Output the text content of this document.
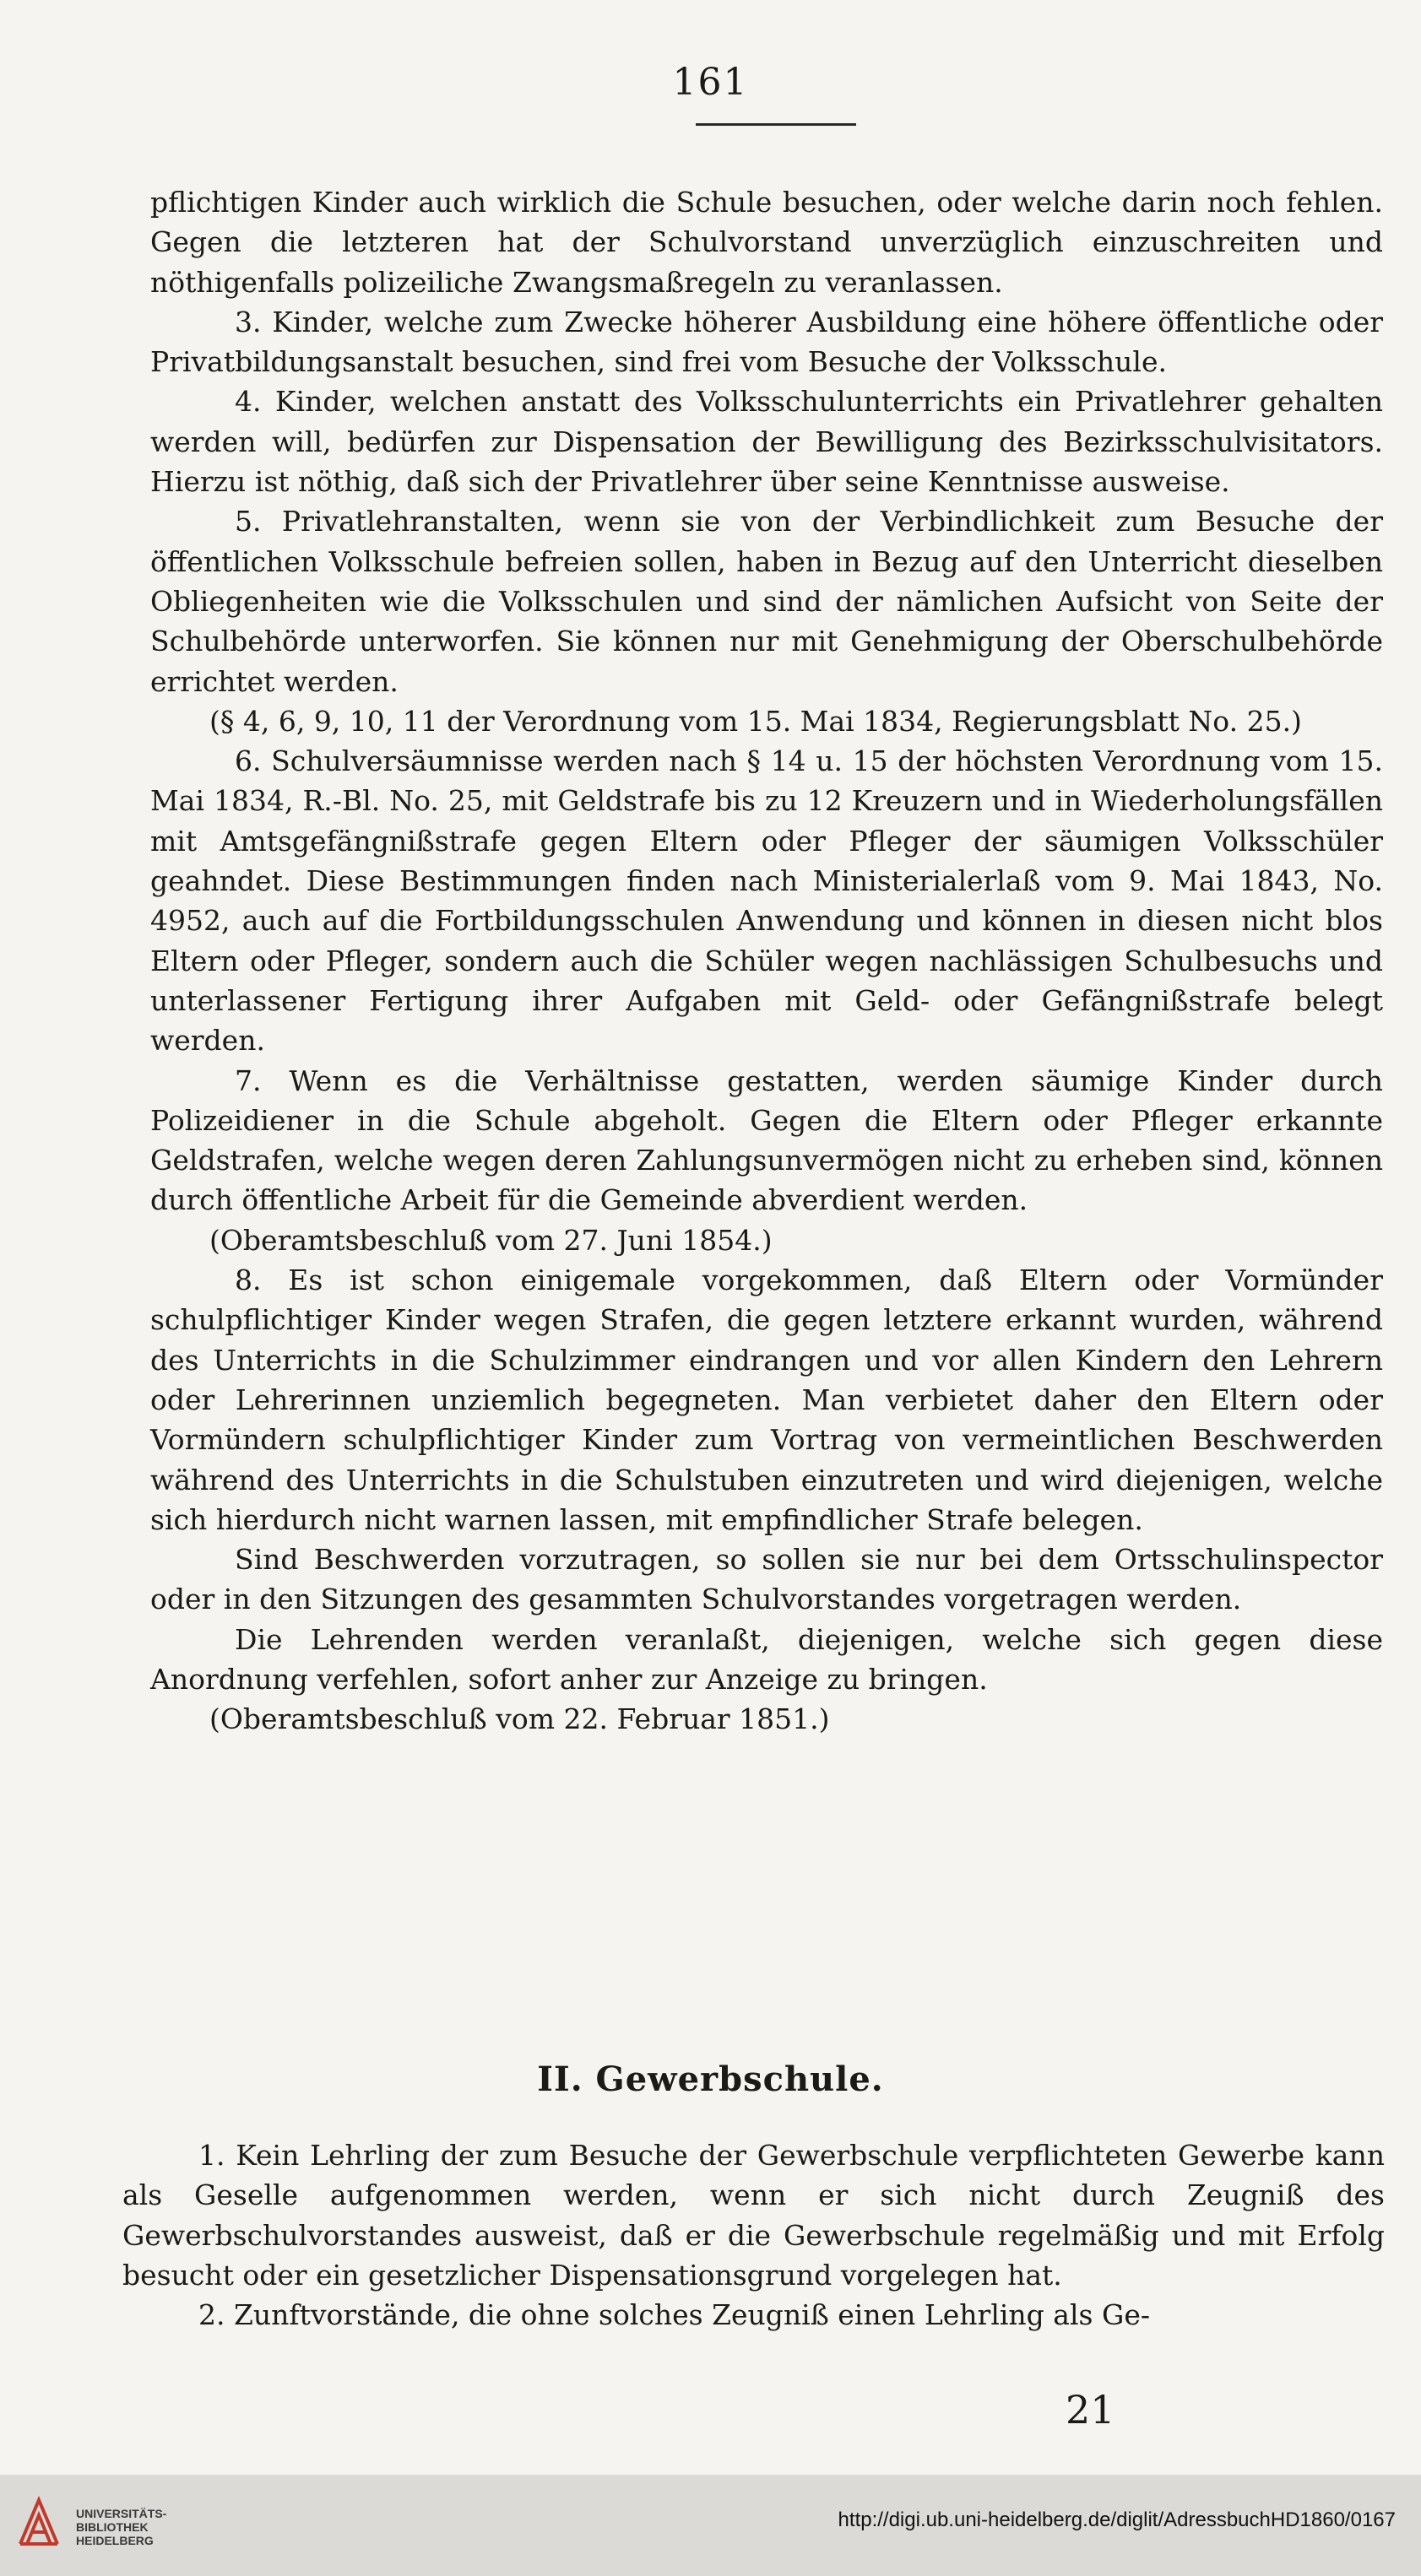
161

pflichtigen Kinder auch wirklich die Schule besuchen, oder welche darin noch fehlen. Gegen die letzteren hat der Schulvorstand unverzüglich einzuschreiten und nöthigenfalls polizeiliche Zwangsmaßregeln zu veranlassen.

3. Kinder, welche zum Zwecke höherer Ausbildung eine höhere öffentliche oder Privatbildungsanstalt besuchen, sind frei vom Besuche der Volksschule.

4. Kinder, welchen anstatt des Volksschulunterrichts ein Privatlehrer gehalten werden will, bedürfen zur Dispensation der Bewilligung des Bezirksschulvisitators. Hierzu ist nöthig, daß sich der Privatlehrer über seine Kenntnisse ausweise.

5. Privatlehranstalten, wenn sie von der Verbindlichkeit zum Besuche der öffentlichen Volksschule befreien sollen, haben in Bezug auf den Unterricht dieselben Obliegenheiten wie die Volksschulen und sind der nämlichen Aufsicht von Seite der Schulbehörde unterworfen. Sie können nur mit Genehmigung der Oberschulbehörde errichtet werden.

(§ 4, 6, 9, 10, 11 der Verordnung vom 15. Mai 1834, Regierungsblatt No. 25.)

6. Schulversäumnisse werden nach § 14 u. 15 der höchsten Verordnung vom 15. Mai 1834, R.-Bl. No. 25, mit Geldstrafe bis zu 12 Kreuzern und in Wiederholungsfällen mit Amtsgefängnißstrafe gegen Eltern oder Pfleger der säumigen Volksschüler geahndet. Diese Bestimmungen finden nach Ministerialerlaß vom 9. Mai 1843, No. 4952, auch auf die Fortbildungsschulen Anwendung und können in diesen nicht blos Eltern oder Pfleger, sondern auch die Schüler wegen nachlässigen Schulbesuchs und unterlassener Fertigung ihrer Aufgaben mit Geld- oder Gefängnißstrafe belegt werden.

7. Wenn es die Verhältnisse gestatten, werden säumige Kinder durch Polizeidiener in die Schule abgeholt. Gegen die Eltern oder Pfleger erkannte Geldstrafen, welche wegen deren Zahlungsunvermögen nicht zu erheben sind, können durch öffentliche Arbeit für die Gemeinde abverdient werden.

(Oberamtsbeschluß vom 27. Juni 1854.)

8. Es ist schon einigemale vorgekommen, daß Eltern oder Vormünder schulpflichtiger Kinder wegen Strafen, die gegen letztere erkannt wurden, während des Unterrichts in die Schulzimmer eindrangen und vor allen Kindern den Lehrern oder Lehrerinnen unziemlich begegneten. Man verbietet daher den Eltern oder Vormündern schulpflichtiger Kinder zum Vortrag von vermeintlichen Beschwerden während des Unterrichts in die Schulstuben einzutreten und wird diejenigen, welche sich hierdurch nicht warnen lassen, mit empfindlicher Strafe belegen.

Sind Beschwerden vorzutragen, so sollen sie nur bei dem Ortsschulinspector oder in den Sitzungen des gesammten Schulvorstandes vorgetragen werden.

Die Lehrenden werden veranlaßt, diejenigen, welche sich gegen diese Anordnung verfehlen, sofort anher zur Anzeige zu bringen.

(Oberamtsbeschluß vom 22. Februar 1851.)

II. Gewerbschule.

1. Kein Lehrling der zum Besuche der Gewerbschule verpflichteten Gewerbe kann als Geselle aufgenommen werden, wenn er sich nicht durch Zeugniß des Gewerbschulvorstandes ausweist, daß er die Gewerbschule regelmäßig und mit Erfolg besucht oder ein gesetzlicher Dispensationsgrund vorgelegen hat.

2. Zunftvorstände, die ohne solches Zeugniß einen Lehrling als Ge-

21
UNIVERSITÄTS-
BIBLIOTHEK
HEIDELBERG
http://digi.ub.uni-heidelberg.de/diglit/AdressbuchHD1860/0167
